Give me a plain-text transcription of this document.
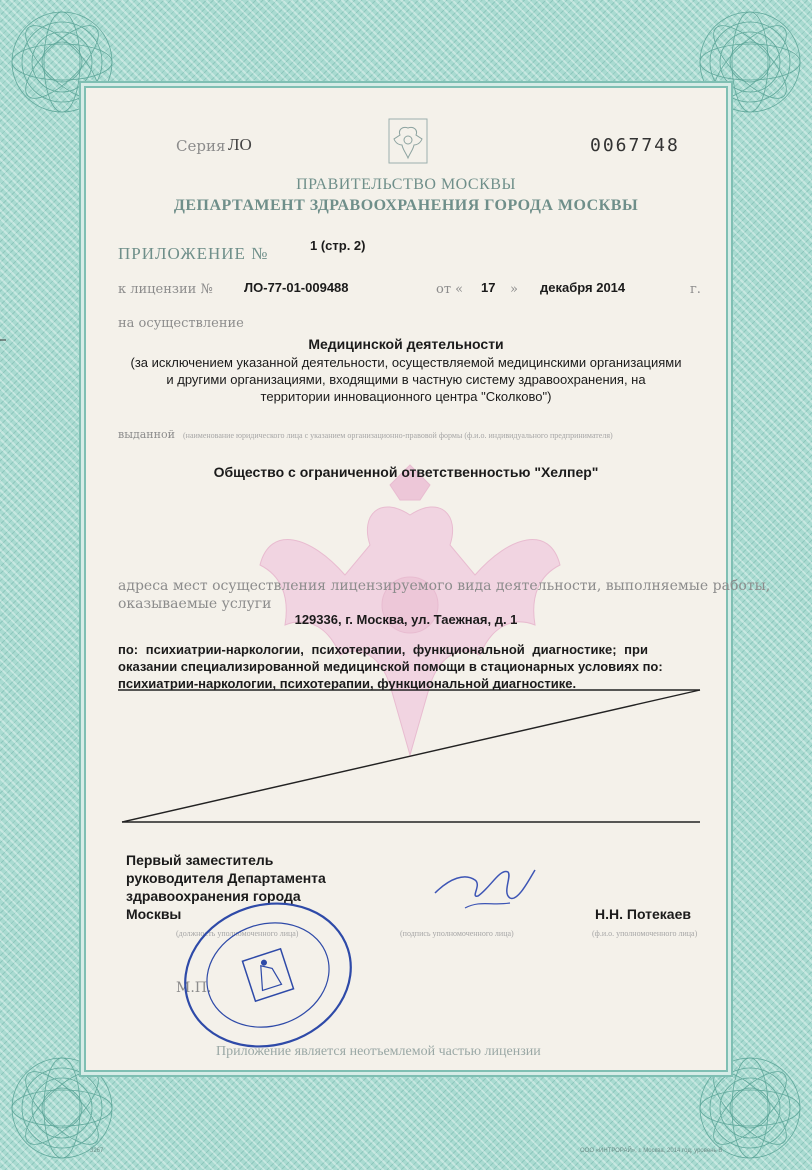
Серия ЛО	0067748
ПРАВИТЕЛЬСТВО МОСКВЫ
ДЕПАРТАМЕНТ ЗДРАВООХРАНЕНИЯ ГОРОДА МОСКВЫ
ПРИЛОЖЕНИЕ №	1 (стр. 2)
к лицензии № ЛО-77-01-009488	от « 17 » декабря 2014	г.
на осуществление
Медицинской деятельности
(за исключением указанной деятельности, осуществляемой медицинскими организациями
и другими организациями, входящими в частную систему здравоохранения, на
территории инновационного центра "Сколково")
выданной (наименование юридического лица с указанием организационно-правовой формы (ф.и.о. индивидуального предпринимателя)
Общество с ограниченной ответственностью "Хелпер"
адреса мест осуществления лицензируемого вида деятельности, выполняемые работы,
оказываемые услуги
129336, г. Москва, ул. Таежная, д. 1
по: психиатрии-наркологии, психотерапии, функциональной диагностике; при
оказании специализированной медицинской помощи в стационарных условиях по:
психиатрии-наркологии, психотерапии, функциональной диагностике.
Первый заместитель
руководителя Департамента
здравоохранения города
Москвы	Н.Н. Потекаев
(должность уполномоченного лица)	(подпись уполномоченного лица)	(ф.и.о. уполномоченного лица)
М.П.
Приложение является неотъемлемой частью лицензии
3267	ООО «ИНТРОРАЙ», г. Москва, 2014 год, уровень В
